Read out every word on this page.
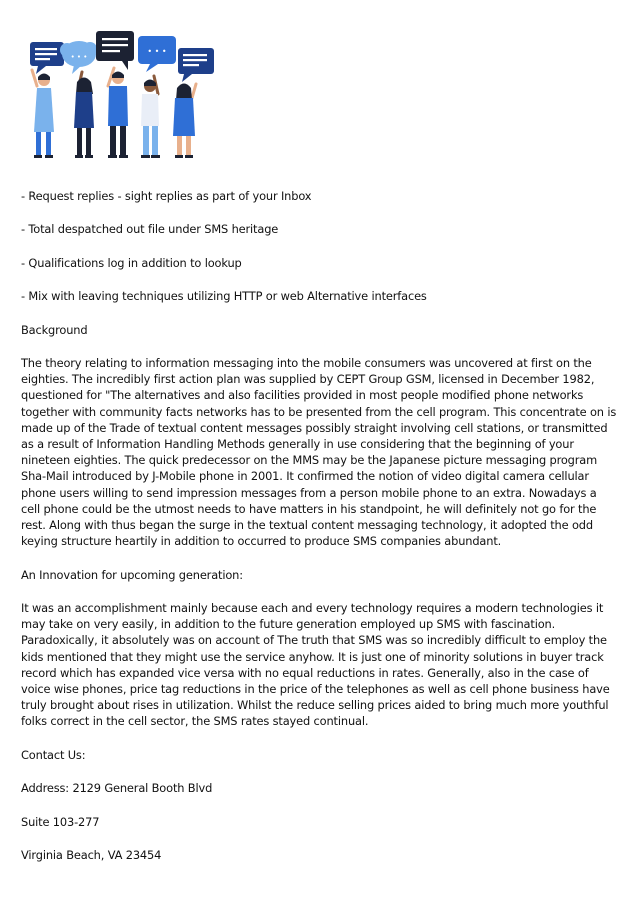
• • •
• • •

- Request replies - sight replies as part of your Inbox

- Total despatched out file under SMS heritage

- Qualifications log in addition to lookup

- Mix with leaving techniques utilizing HTTP or web Alternative interfaces

Background

The theory relating to information messaging into the mobile consumers was uncovered at first on the eighties. The incredibly first action plan was supplied by CEPT Group GSM, licensed in December 1982, questioned for "The alternatives and also facilities provided in most people modified phone networks together with community facts networks has to be presented from the cell program. This concentrate on is made up of the Trade of textual content messages possibly straight involving cell stations, or transmitted as a result of Information Handling Methods generally in use considering that the beginning of your nineteen eighties. The quick predecessor on the MMS may be the Japanese picture messaging program Sha-Mail introduced by J-Mobile phone in 2001. It confirmed the notion of video digital camera cellular phone users willing to send impression messages from a person mobile phone to an extra. Nowadays a cell phone could be the utmost needs to have matters in his standpoint, he will definitely not go for the rest. Along with thus began the surge in the textual content messaging technology, it adopted the odd keying structure heartily in addition to occurred to produce SMS companies abundant.

An Innovation for upcoming generation:

It was an accomplishment mainly because each and every technology requires a modern technologies it may take on very easily, in addition to the future generation employed up SMS with fascination. Paradoxically, it absolutely was on account of The truth that SMS was so incredibly difficult to employ the kids mentioned that they might use the service anyhow. It is just one of minority solutions in buyer track record which has expanded vice versa with no equal reductions in rates. Generally, also in the case of voice wise phones, price tag reductions in the price of the telephones as well as cell phone business have truly brought about rises in utilization. Whilst the reduce selling prices aided to bring much more youthful folks correct in the cell sector, the SMS rates stayed continual.

Contact Us:

Address: 2129 General Booth Blvd

Suite 103-277

Virginia Beach, VA 23454
